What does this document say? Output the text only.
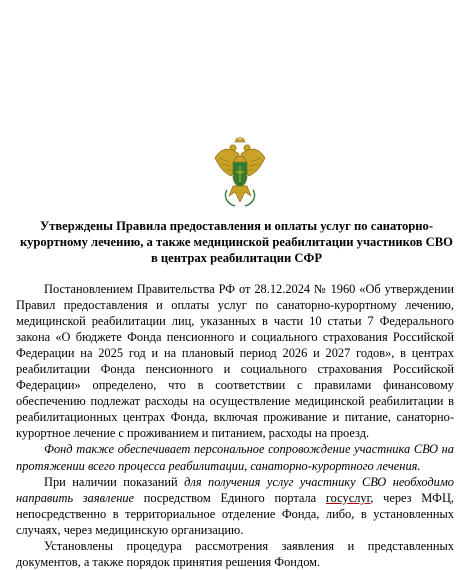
Утверждены Правила предоставления и оплаты услуг по санаторно-курортному лечению, а также медицинской реабилитации участников СВО в центрах реабилитации СФР

Постановлением Правительства РФ от 28.12.2024 № 1960 «Об утверждении Правил предоставления и оплаты услуг по санаторно-курортному лечению, медицинской реабилитации лиц, указанных в части 10 статьи 7 Федерального закона «О бюджете Фонда пенсионного и социального страхования Российской Федерации на 2025 год и на плановый период 2026 и 2027 годов», в центрах реабилитации Фонда пенсионного и социального страхования Российской Федерации» определено, что в соответствии с правилами финансовому обеспечению подлежат расходы на осуществление медицинской реабилитации в реабилитационных центрах Фонда, включая проживание и питание, санаторно-курортное лечение с проживанием и питанием, расходы на проезд.

Фонд также обеспечивает персональное сопровождение участника СВО на протяжении всего процесса реабилитации, санаторно-курортного лечения.

При наличии показаний для получения услуг участнику СВО необходимо направить заявление посредством Единого портала госуслуг, через МФЦ, непосредственно в территориальное отделение Фонда, либо, в установленных случаях, через медицинскую организацию.

Установлены процедура рассмотрения заявления и представленных документов, а также порядок принятия решения Фондом.
